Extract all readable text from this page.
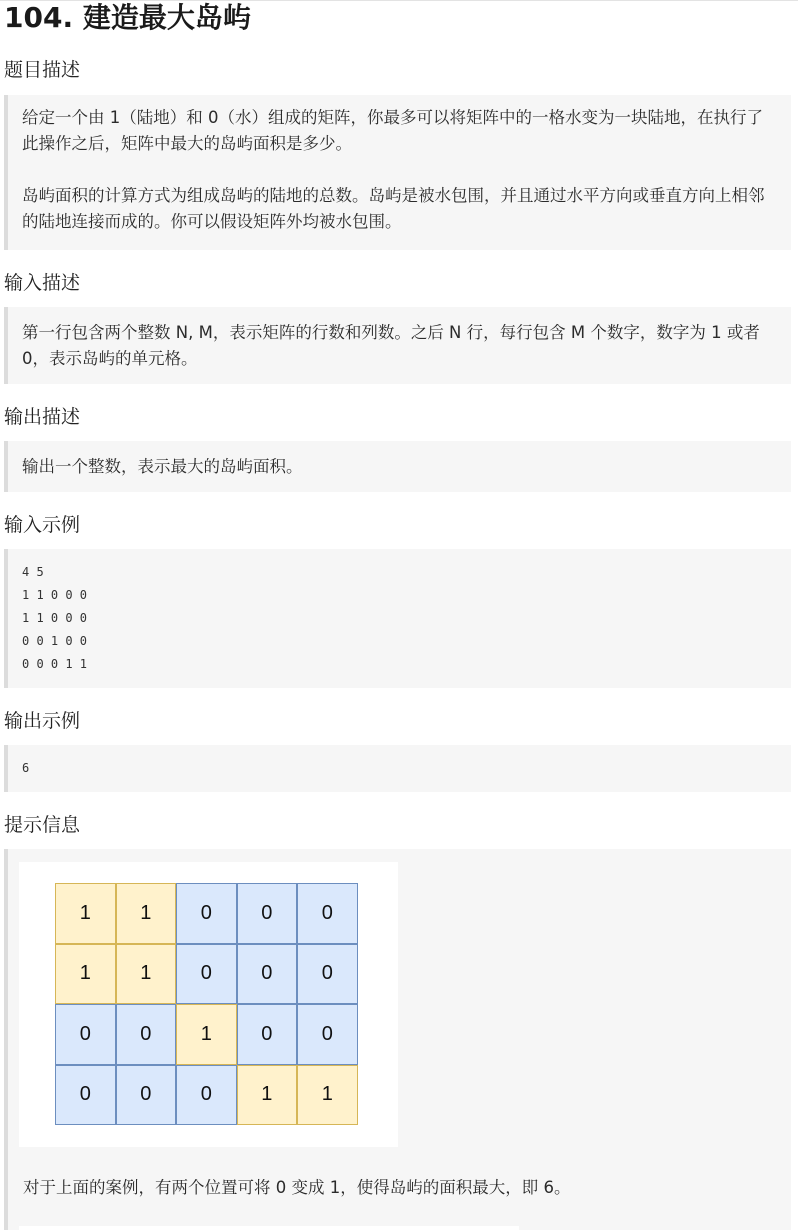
104. 建造最大岛屿
题目描述

给定一个由 1（陆地）和 0（水）组成的矩阵，你最多可以将矩阵中的一格水变为一块陆地，在执行了此操作之后，矩阵中最大的岛屿面积是多少。

岛屿面积的计算方式为组成岛屿的陆地的总数。岛屿是被水包围，并且通过水平方向或垂直方向上相邻的陆地连接而成的。你可以假设矩阵外均被水包围。

输入描述

第一行包含两个整数 N, M，表示矩阵的行数和列数。之后 N 行，每行包含 M 个数字，数字为 1 或者 0，表示岛屿的单元格。

输出描述

输出一个整数，表示最大的岛屿面积。

输入示例
4 5
1 1 0 0 0
1 1 0 0 0
0 0 1 0 0
0 0 0 1 1
输出示例
6
提示信息

对于上面的案例，有两个位置可将 0 变成 1，使得岛屿的面积最大，即 6。

1	1	0	0	0
1	1	0	0	0
0	0	1	0	0
0	0	0	1	1
